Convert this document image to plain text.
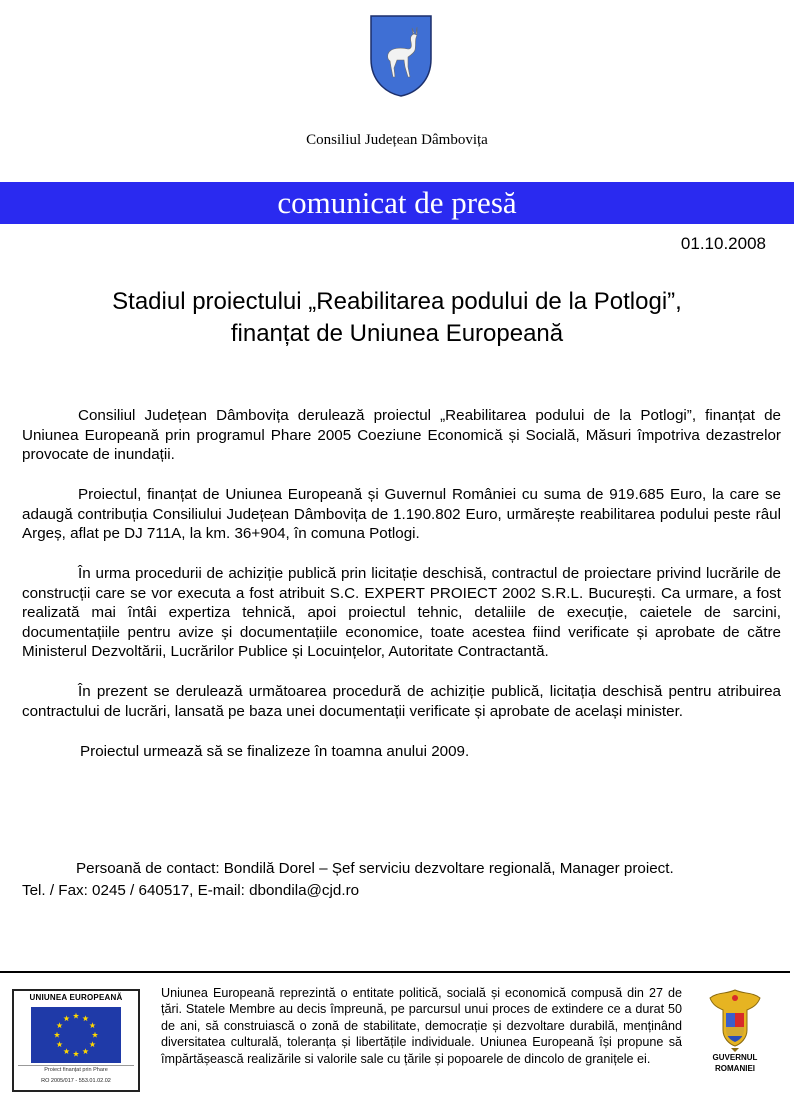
Consiliul Județean Dâmbovița
comunicat de presă
01.10.2008
Stadiul proiectului „Reabilitarea podului de la Potlogi”,
finanțat de Uniunea Europeană

Consiliul Județean Dâmbovița derulează proiectul „Reabilitarea podului de la Potlogi”, finanțat de Uniunea Europeană prin programul Phare 2005 Coeziune Economică și Socială, Măsuri împotriva dezastrelor provocate de inundații.

Proiectul, finanțat de Uniunea Europeană și Guvernul României cu suma de 919.685 Euro, la care se adaugă contribuția Consiliului Județean Dâmbovița de 1.190.802 Euro, urmărește reabilitarea podului peste râul Argeș, aflat pe DJ 711A, la km. 36+904, în comuna Potlogi.

În urma procedurii de achiziție publică prin licitație deschisă, contractul de proiectare privind lucrările de construcții care se vor executa a fost atribuit S.C. EXPERT PROIECT 2002 S.R.L. București. Ca urmare, a fost realizată mai întâi expertiza tehnică, apoi proiectul tehnic, detaliile de execuție, caietele de sarcini, documentațiile pentru avize și documentațiile economice, toate acestea fiind verificate și aprobate de către Ministerul Dezvoltării, Lucrărilor Publice și Locuințelor, Autoritate Contractantă.

În prezent se derulează următoarea procedură de achiziție publică, licitația deschisă pentru atribuirea contractului de lucrări, lansată pe baza unei documentații verificate și aprobate de același minister.

Proiectul urmează să se finalizeze în toamna anului 2009.

Persoană de contact: Bondilă Dorel – Șef serviciu dezvoltare regională, Manager proiect.
Tel. / Fax: 0245 / 640517, E-mail: dbondila@cjd.ro
UNIUNEA EUROPEANĂ
Proiect finanțat prin Phare
RO 2005/017 - 553.01.02.02
Uniunea Europeană reprezintă o entitate politică, socială și economică compusă din 27 de țări. Statele Membre au decis împreună, pe parcursul unui proces de extindere ce a durat 50 de ani, să construiască o zonă de stabilitate, democrație și dezvoltare durabilă, menținând diversitatea culturală, toleranța și libertățile individuale. Uniunea Europeană își propune să împărtășească realizările si valorile sale cu țările și popoarele de dincolo de granițele ei.	GUVERNUL
ROMANIEI
